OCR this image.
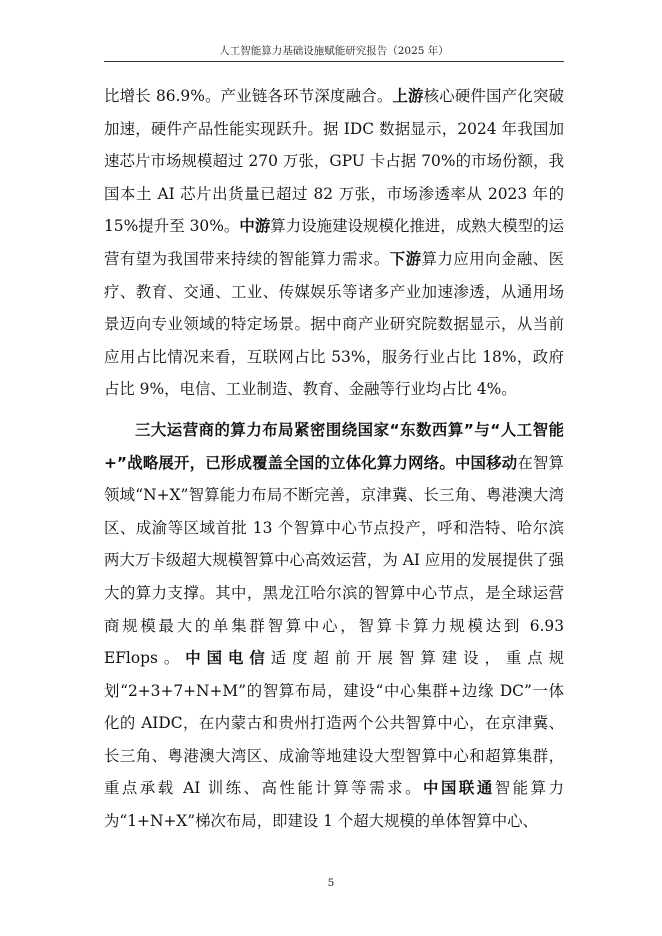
人工智能算力基础设施赋能研究报告（2025 年）

比增长 86.9%。产业链各环节深度融合。上游核心硬件国产化突破加速，硬件产品性能实现跃升。据 IDC 数据显示，2024 年我国加速芯片市场规模超过 270 万张，GPU 卡占据 70%的市场份额，我国本土 AI 芯片出货量已超过 82 万张，市场渗透率从 2023 年的 15%提升至 30%。中游算力设施建设规模化推进，成熟大模型的运营有望为我国带来持续的智能算力需求。下游算力应用向金融、医疗、教育、交通、工业、传媒娱乐等诸多产业加速渗透，从通用场景迈向专业领域的特定场景。据中商产业研究院数据显示，从当前应用占比情况来看，互联网占比 53%，服务行业占比 18%，政府占比 9%，电信、工业制造、教育、金融等行业均占比 4%。

三大运营商的算力布局紧密围绕国家“东数西算”与“人工智能+”战略展开，已形成覆盖全国的立体化算力网络。中国移动在智算领域“N+X”智算能力布局不断完善，京津冀、长三角、粤港澳大湾区、成渝等区域首批 13 个智算中心节点投产，呼和浩特、哈尔滨两大万卡级超大规模智算中心高效运营，为 AI 应用的发展提供了强大的算力支撑。其中，黑龙江哈尔滨的智算中心节点，是全球运营商规模最大的单集群智算中心，智算卡算力规模达到 6.93 EFlops。中国电信适度超前开展智算建设，重点规划“2+3+7+N+M”的智算布局，建设“中心集群+边缘 DC”一体化的 AIDC，在内蒙古和贵州打造两个公共智算中心，在京津冀、长三角、粤港澳大湾区、成渝等地建设大型智算中心和超算集群，重点承载 AI 训练、高性能计算等需求。中国联通智能算力为“1+N+X”梯次布局，即建设 1 个超大规模的单体智算中心、

5
